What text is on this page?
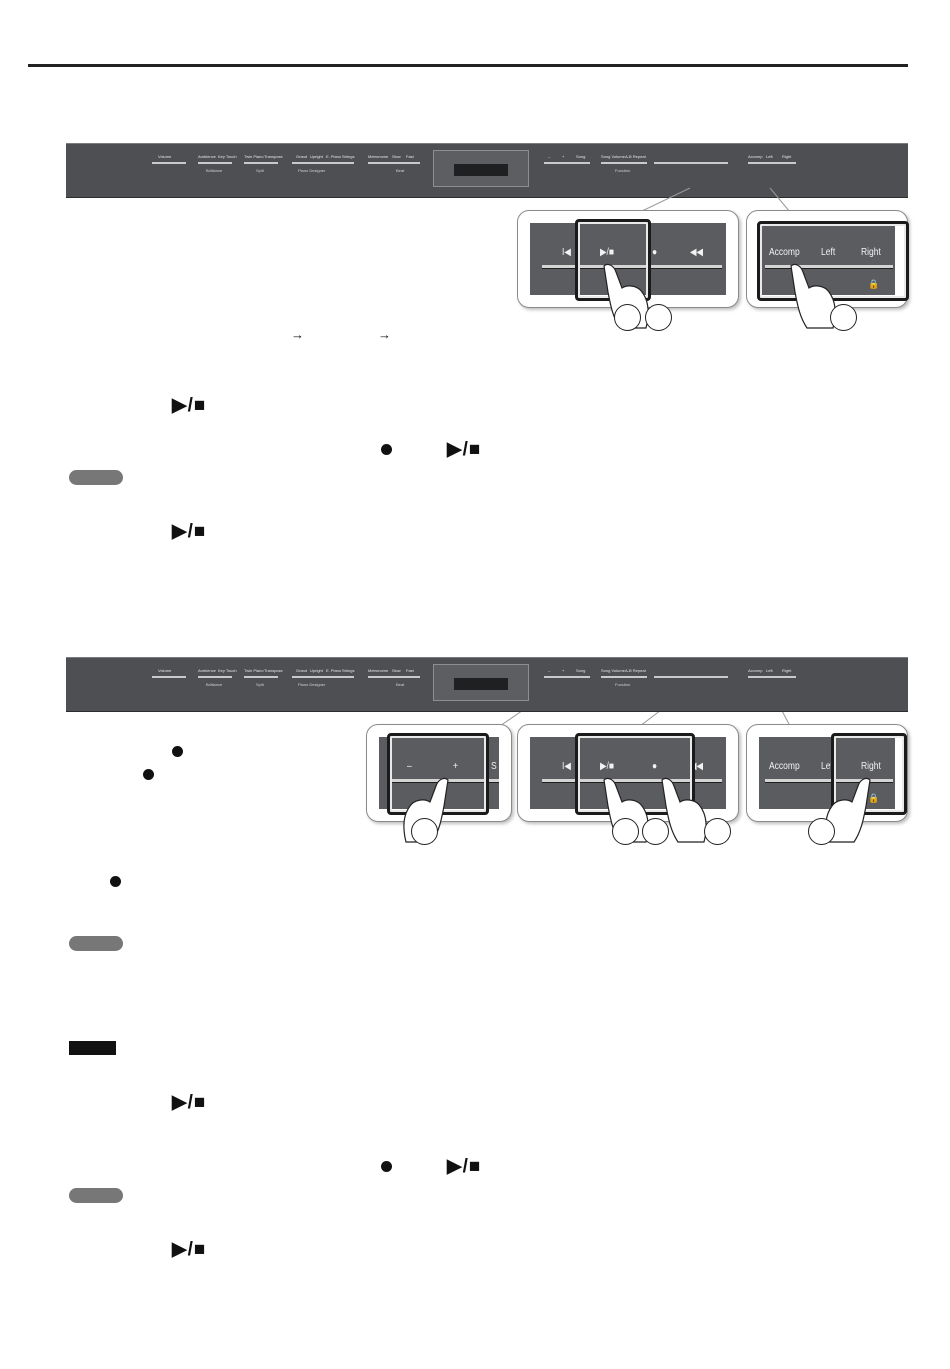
Volume	Ambience Key Touch
Brilliance
Twin Piano Transpose
Split
Grand Upright E. Piano Strings
Piano Designer
Metronome Slow Fast
Beat
–	+	Song	Song Volume A-B Repeat
Function
Accomp Left Right
I◀	▶/■	●	◀◀	Accomp Left	Right
🔒
→	→
▶/■
▶/■
▶/■
Volume	Ambience Key Touch
Brilliance
Twin Piano Transpose
Split
Grand Upright E. Piano Strings
Piano Designer
Metronome Slow Fast
Beat
–	+	Song	Song Volume A-B Repeat
Function
Accomp Left Right
–	+	S	I◀	▶/■	●	◀◀	Accomp Lef	Right
🔒
▶/■
▶/■
▶/■
